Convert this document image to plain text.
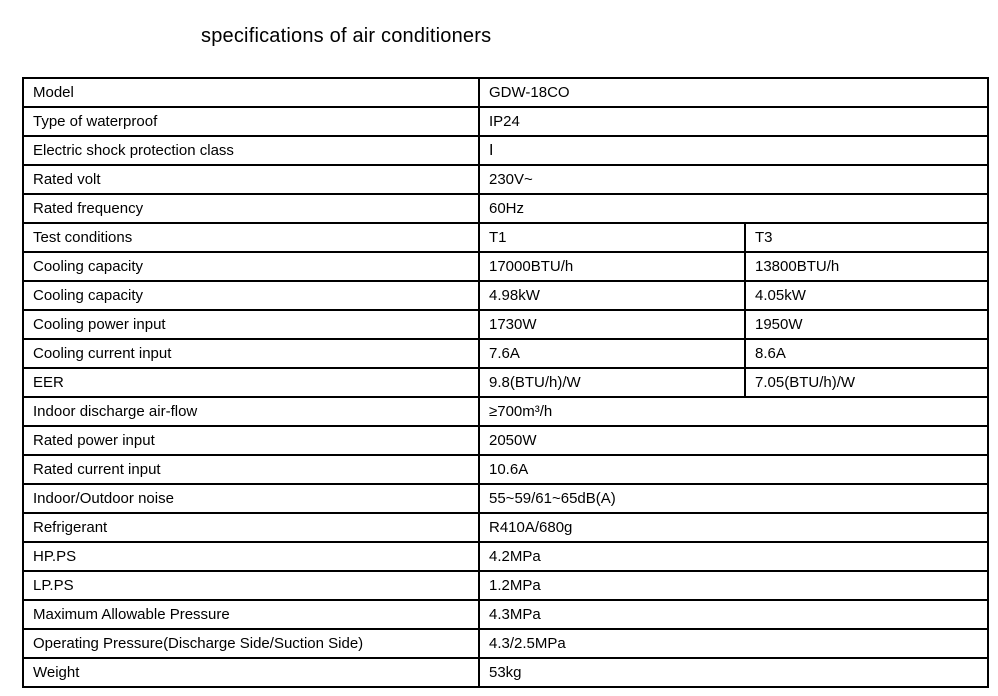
specifications of air conditioners
Model	GDW-18CO	
Type of waterproof	IP24	
Electric shock protection class	Ⅰ	
Rated volt	230V~	
Rated frequency	60Hz	
Test conditions	T1	T3
Cooling capacity	17000BTU/h	13800BTU/h
Cooling capacity	4.98kW	4.05kW
Cooling power input	1730W	1950W
Cooling current input	7.6A	8.6A
EER	9.8(BTU/h)/W	7.05(BTU/h)/W
Indoor discharge air-flow	≥700m³/h	
Rated power input	2050W	
Rated current input	10.6A	
Indoor/Outdoor noise	55~59/61~65dB(A)	
Refrigerant	R410A/680g	
HP.PS	4.2MPa	
LP.PS	1.2MPa	
Maximum Allowable Pressure	4.3MPa	
Operating Pressure(Discharge Side/Suction Side)	4.3/2.5MPa	
Weight	53kg	
